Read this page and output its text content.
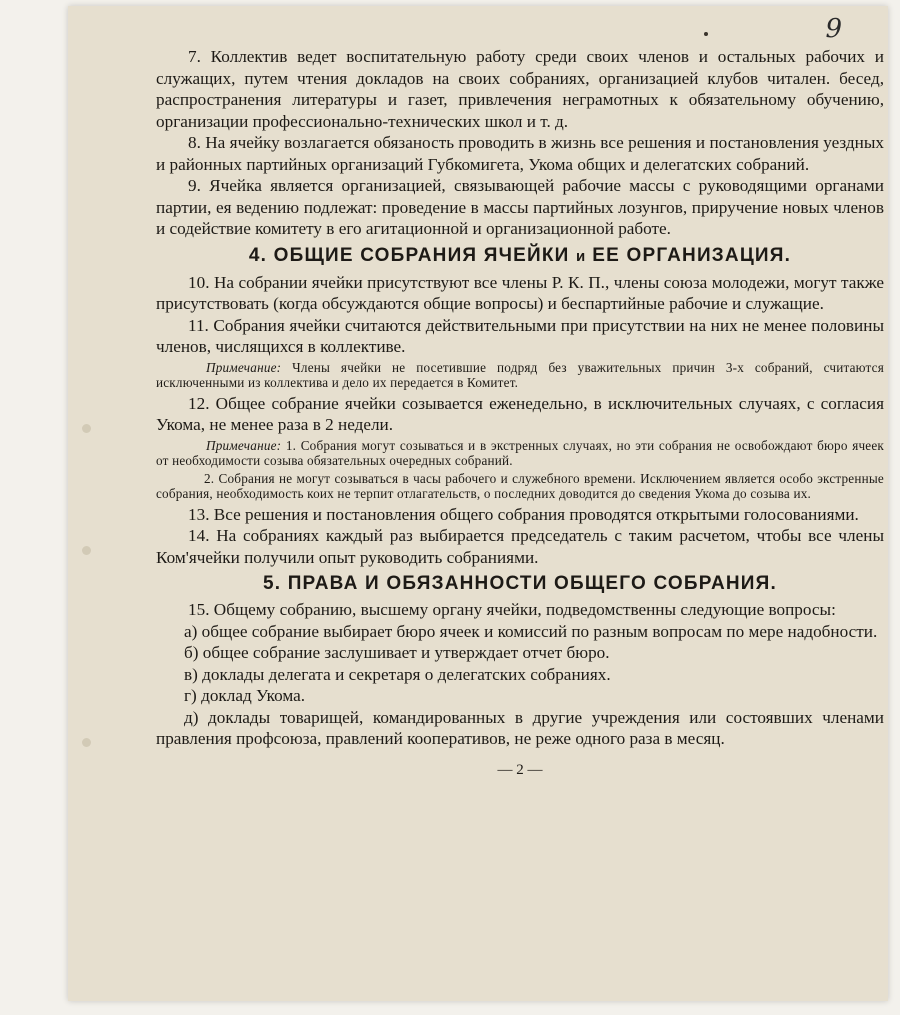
9

7. Коллектив ведет воспитательную работу среди своих членов и остальных рабочих и служащих, путем чтения докладов на своих собраниях, организацией клубов читален. бесед, распространения литературы и газет, привлечения неграмотных к обязательному обучению, организации профессионально-технических школ и т. д.

8. На ячейку возлагается обязаность проводить в жизнь все решения и постановления уездных и районных партийных организаций Губкомигета, Укома общих и делегатских собраний.

9. Ячейка является организацией, связывающей рабочие массы с руководящими органами партии, ея ведению подлежат: проведение в массы партийных лозунгов, приручение новых членов и содействие комитету в его агитационной и организационной работе.

4. ОБЩИЕ СОБРАНИЯ ЯЧЕЙКИ и ЕЕ ОРГАНИЗАЦИЯ.

10. На собрании ячейки присутствуют все члены Р. К. П., члены союза молодежи, могут также присутствовать (когда обсуждаются общие вопросы) и беспартийные рабочие и служащие.

11. Собрания ячейки считаются действительными при присутствии на них не менее половины членов, числящихся в коллективе.

Примечание: Члены ячейки не посетившие подряд без уважительных причин 3-х собраний, считаются исключенными из коллектива и дело их передается в Комитет.

12. Общее собрание ячейки созывается еженедельно, в исключительных случаях, с согласия Укома, не менее раза в 2 недели.

Примечание: 1. Собрания могут созываться и в экстренных случаях, но эти собрания не освобождают бюро ячеек от необходимости созыва обязательных очередных собраний.

2. Собрания не могут созываться в часы рабочего и служебного времени. Исключением является особо экстренные собрания, необходимость коих не терпит отлагательств, о последних доводится до сведения Укома до созыва их.

13. Все решения и постановления общего собрания проводятся открытыми голосованиями.

14. На собраниях каждый раз выбирается председатель с таким расчетом, чтобы все члены Ком'ячейки получили опыт руководить собраниями.

5. ПРАВА И ОБЯЗАННОСТИ ОБЩЕГО СОБРАНИЯ.

15. Общему собранию, высшему органу ячейки, подведомственны следующие вопросы:

а) общее собрание выбирает бюро ячеек и комиссий по разным вопросам по мере надобности.

б) общее собрание заслушивает и утверждает отчет бюро.

в) доклады делегата и секретаря о делегатских собраниях.

г) доклад Укома.

д) доклады товарищей, командированных в другие учреждения или состоявших членами правления профсоюза, правлений кооперативов, не реже одного раза в месяц.

— 2 —
